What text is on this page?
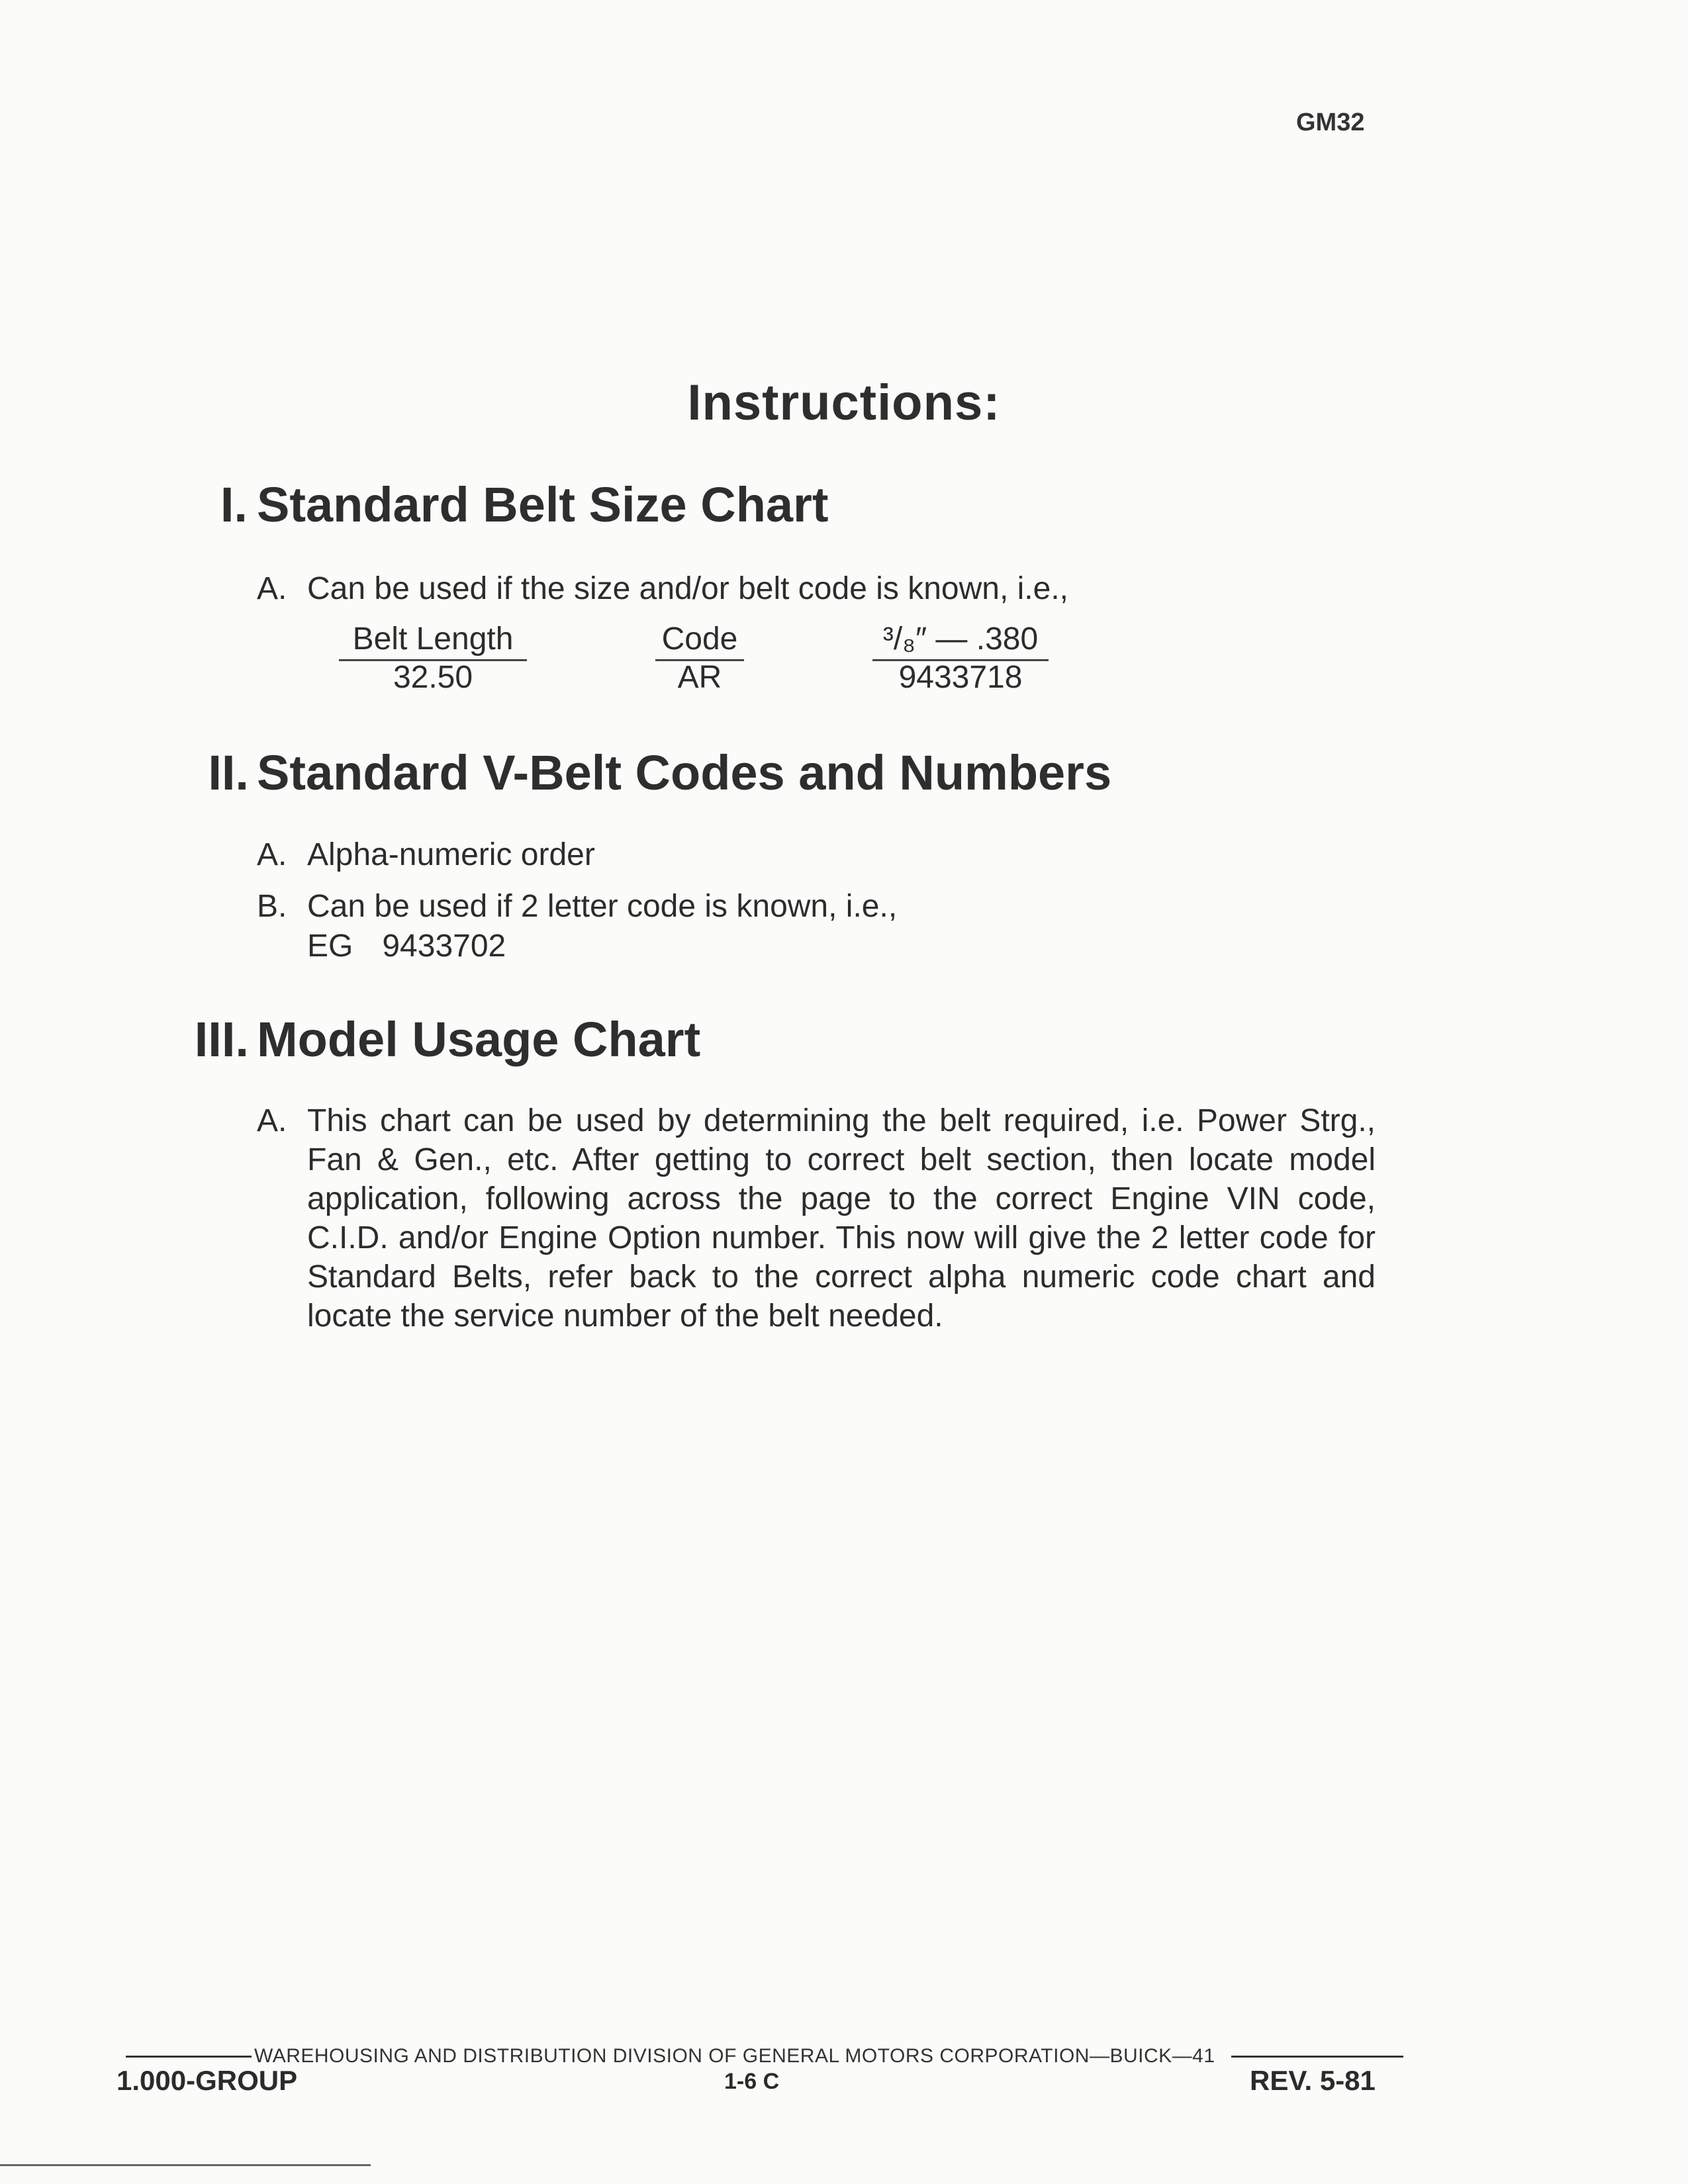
GM32
Instructions:
I. Standard Belt Size Chart
A. Can be used if the size and/or belt code is known, i.e.,
Belt Length
32.50
Code
AR
³/₈″ — .380
9433718
II. Standard V-Belt Codes and Numbers
A. Alpha-numeric order
B. Can be used if 2 letter code is known, i.e.,
EG 9433702
III. Model Usage Chart
A. This chart can be used by determining the belt required, i.e. Power Strg., Fan & Gen., etc. After getting to correct belt section, then locate model application, following across the page to the correct Engine VIN code, C.I.D. and/or Engine Option number. This now will give the 2 letter code for Standard Belts, refer back to the correct alpha numeric code chart and locate the service number of the belt needed.
WAREHOUSING AND DISTRIBUTION DIVISION OF GENERAL MOTORS CORPORATION—BUICK—41
1.000-GROUP	1-6 C	REV. 5-81
